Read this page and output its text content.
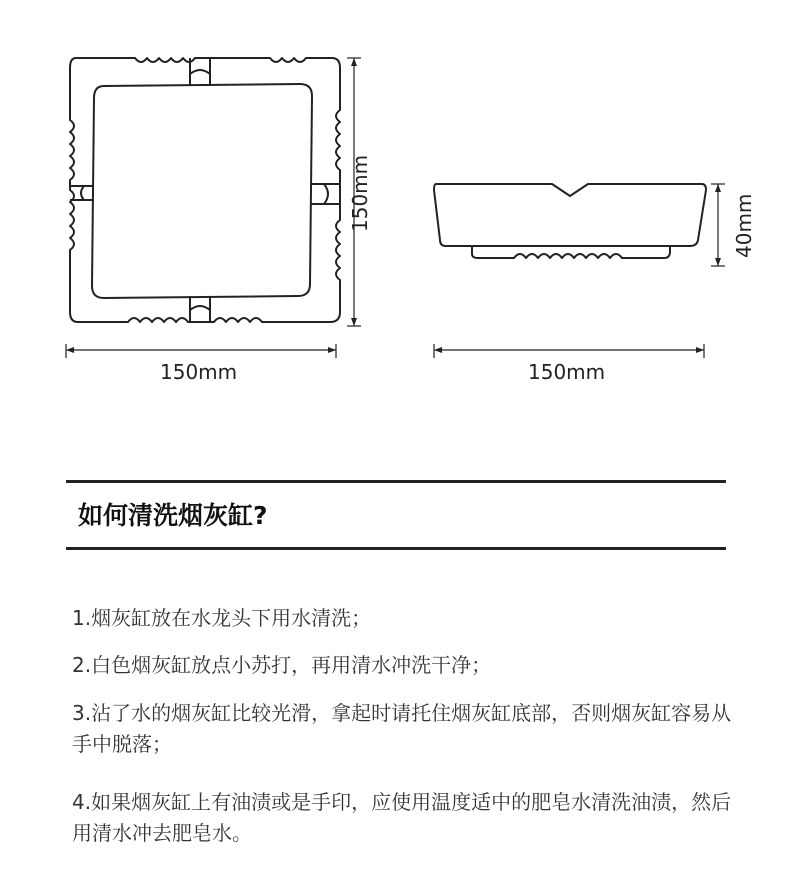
150mm
150mm
40mm
150mm
如何清洗烟灰缸?
1.烟灰缸放在水龙头下用水清洗；
2.白色烟灰缸放点小苏打，再用清水冲洗干净；
3.沾了水的烟灰缸比较光滑，拿起时请托住烟灰缸底部，否则烟灰缸容易从手中脱落；
4.如果烟灰缸上有油渍或是手印，应使用温度适中的肥皂水清洗油渍，然后用清水冲去肥皂水。
